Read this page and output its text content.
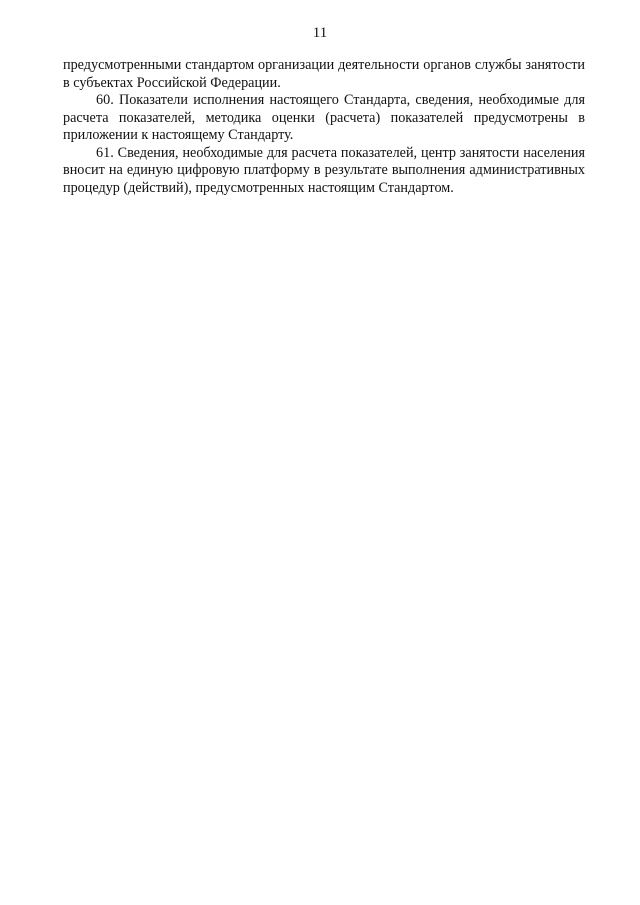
11

предусмотренными стандартом организации деятельности органов службы занятости в субъектах Российской Федерации.

60. Показатели исполнения настоящего Стандарта, сведения, необходимые для расчета показателей, методика оценки (расчета) показателей предусмотрены в приложении к настоящему Стандарту.

61. Сведения, необходимые для расчета показателей, центр занятости населения вносит на единую цифровую платформу в результате выполнения административных процедур (действий), предусмотренных настоящим Стандартом.
